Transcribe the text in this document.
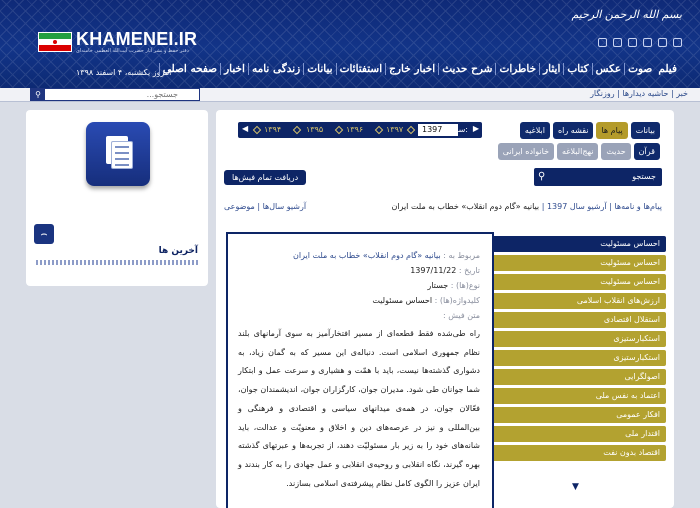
KHAMENEI.IR
دفتر حفظ و نشر آثار حضرت آیت‌الله العظمی خامنه‌ای
امروز یکشنبه، ۴ اسفند ۱۳۹۸
بسم الله الرحمن الرحیم
صفحه اصلی اخبار زندگی نامه بیانات استفتائات اخبار خارج شرح حدیث خاطرات ایثار کتاب عکس صوت فیلم
جستجو...
⚲	خبر | حاشیه دیدارها | روزنگار
⌢
آخرین ها
◀ ۱۳۹۴	۱۳۹۵	۱۳۹۶	۱۳۹۷	1397 سال: ▶	بیانات
پیام ها
نقشه راه
ابلاغیه
قرآن
حدیث
نهج‌البلاغه
خانواده ایرانی
⚲	جستجو
دریافت تمام فیش‌ها
پیام‌ها و نامه‌ها | آرشیو سال 1397 | بیانیه «گام دوم انقلاب» خطاب به ملت ایران
آرشیو سال‌ها | موضوعی
مربوط به : بیانیه «گام دوم انقلاب» خطاب به ملت ایران
تاریخ : 1397/11/22
نوع(ها) : جستار
کلیدواژه(ها) : احساس مسئولیت
متن فیش :
راه طی‌شده فقط قطعه‌ای از مسیر افتخارآمیز به سوی آرمانهای بلند نظام جمهوری اسلامی است. دنباله‌ی این مسیر که به گمان زیاد، به دشواری گذشته‌ها نیست، باید با همّت و هشیاری و سرعت عمل و ابتکار شما جوانان طی شود. مدیران جوان، کارگزاران جوان، اندیشمندان جوان، فعّالان جوان، در همه‌ی میدانهای سیاسی و اقتصادی و فرهنگی و بین‌المللی و نیز در عرصه‌های دین و اخلاق و معنویّت و عدالت، باید شانه‌های خود را به زیر بار مسئولیّت دهند، از تجربه‌ها و عبرتهای گذشته بهره گیرند، نگاه انقلابی و روحیه‌ی انقلابی و عمل جهادی را به کار بندند و ایران عزیز را الگوی کامل نظام پیشرفته‌ی اسلامی بسازند.
احساس مسئولیت
احساس مسئولیت
احساس مسئولیت
ارزش‌های انقلاب اسلامی
استقلال اقتصادی
استکبارستیزی
استکبارستیزی
اصولگرایی
اعتماد به نفس ملی
افکار عمومی
اقتدار ملی
اقتصاد بدون نفت
▼
